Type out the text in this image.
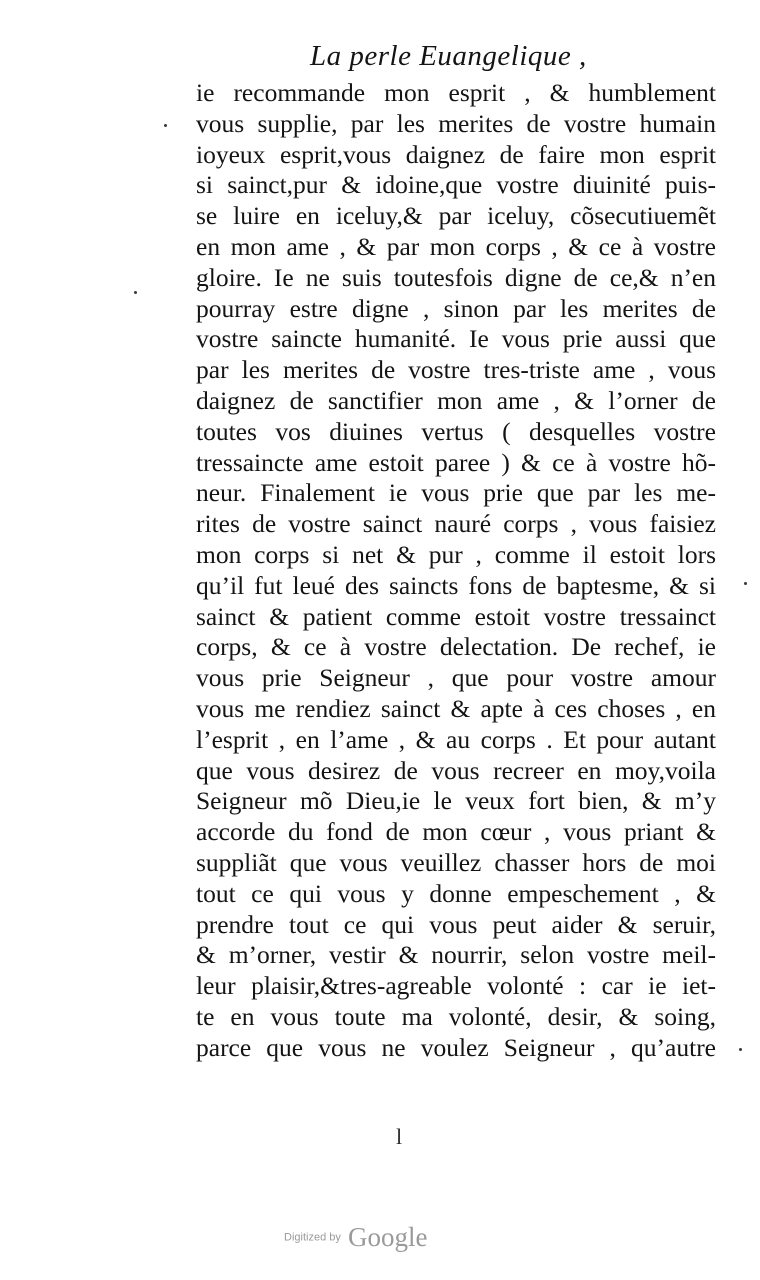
La perle Euangelique ,
ie recommande mon esprit , & humblement
vous supplie, par les merites de vostre humain
ioyeux esprit,vous daignez de faire mon esprit
si sainct,pur & idoine,que vostre diuinité puis-
se luire en iceluy,& par iceluy, cõsecutiuemẽt
en mon ame , & par mon corps , & ce à vostre
gloire. Ie ne suis toutesfois digne de ce,& n’en
pourray estre digne , sinon par les merites de
vostre saincte humanité. Ie vous prie aussi que
par les merites de vostre tres-triste ame , vous
daignez de sanctifier mon ame , & l’orner de
toutes vos diuines vertus ( desquelles vostre
tressaincte ame estoit paree ) & ce à vostre hõ-
neur. Finalement ie vous prie que par les me-
rites de vostre sainct nauré corps , vous faisiez
mon corps si net & pur , comme il estoit lors
qu’il fut leué des saincts fons de baptesme, & si
sainct & patient comme estoit vostre tressainct
corps, & ce à vostre delectation. De rechef, ie
vous prie Seigneur , que pour vostre amour
vous me rendiez sainct & apte à ces choses , en
l’esprit , en l’ame , & au corps . Et pour autant
que vous desirez de vous recreer en moy,voila
Seigneur mõ Dieu,ie le veux fort bien, & m’y
accorde du fond de mon cœur , vous priant &
suppliãt que vous veuillez chasser hors de moi
tout ce qui vous y donne empeschement , &
prendre tout ce qui vous peut aider & seruir,
& m’orner, vestir & nourrir, selon vostre meil-
leur plaisir,&tres-agreable volonté : car ie iet-
te en vous toute ma volonté, desir, & soing,
parce que vous ne voulez Seigneur , qu’autre
l
Digitized by Google
